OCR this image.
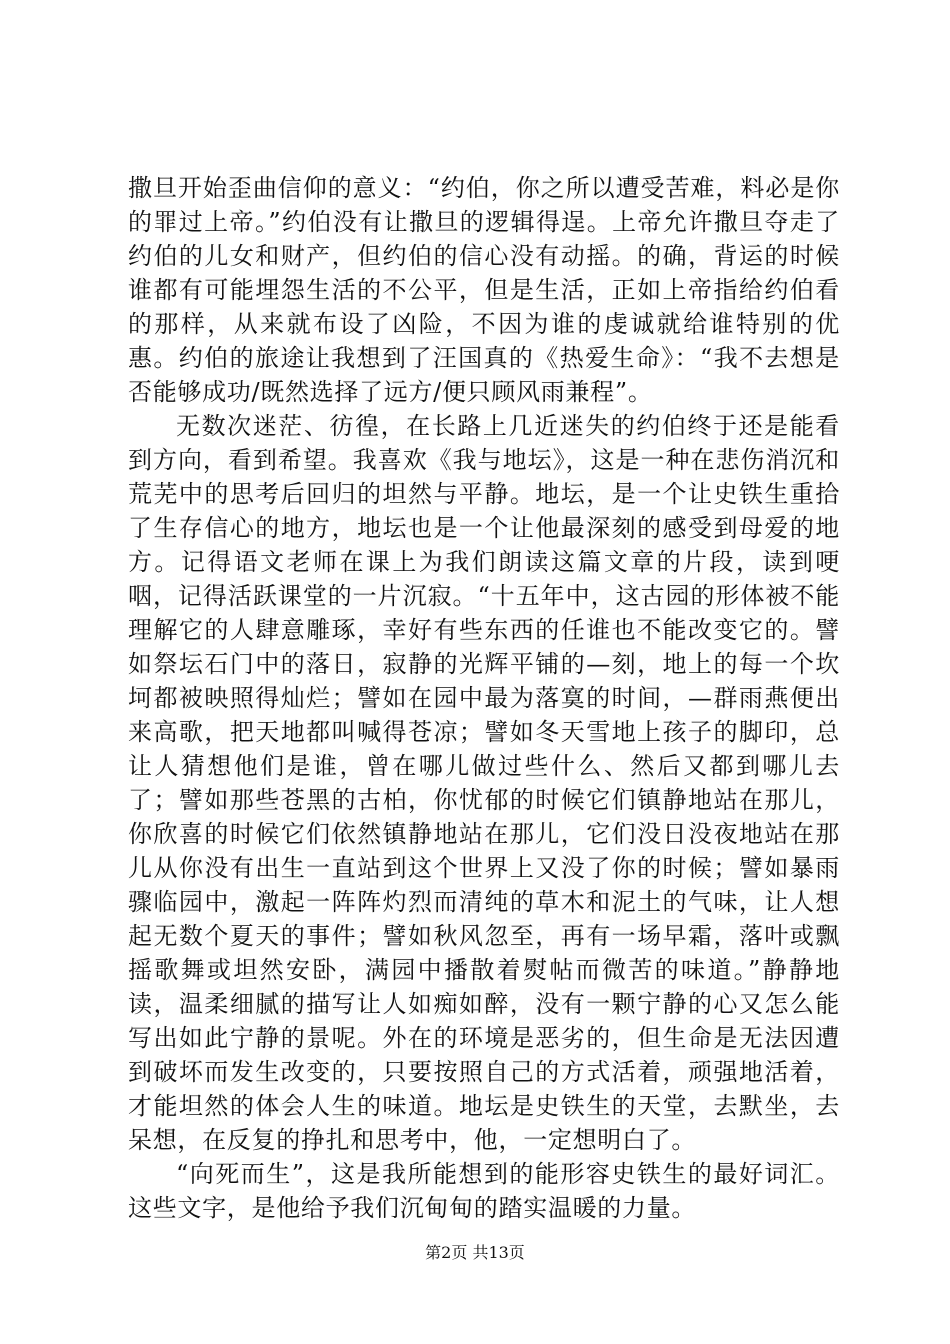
撒旦开始歪曲信仰的意义：“约伯，你之所以遭受苦难，料必是你的罪过上帝。”约伯没有让撒旦的逻辑得逞。上帝允许撒旦夺走了约伯的儿女和财产，但约伯的信心没有动摇。的确，背运的时候谁都有可能埋怨生活的不公平，但是生活，正如上帝指给约伯看的那样，从来就布设了凶险，不因为谁的虔诚就给谁特别的优惠。约伯的旅途让我想到了汪国真的《热爱生命》：“我不去想是否能够成功/既然选择了远方/便只顾风雨兼程”。

无数次迷茫、彷徨，在长路上几近迷失的约伯终于还是能看到方向，看到希望。我喜欢《我与地坛》，这是一种在悲伤消沉和荒芜中的思考后回归的坦然与平静。地坛，是一个让史铁生重拾了生存信心的地方，地坛也是一个让他最深刻的感受到母爱的地方。记得语文老师在课上为我们朗读这篇文章的片段，读到哽咽，记得活跃课堂的一片沉寂。“十五年中，这古园的形体被不能理解它的人肆意雕琢，幸好有些东西的任谁也不能改变它的。譬如祭坛石门中的落日，寂静的光辉平铺的—刻，地上的每一个坎坷都被映照得灿烂；譬如在园中最为落寞的时间，—群雨燕便出来高歌，把天地都叫喊得苍凉；譬如冬天雪地上孩子的脚印，总让人猜想他们是谁，曾在哪儿做过些什么、然后又都到哪儿去了；譬如那些苍黑的古柏，你忧郁的时候它们镇静地站在那儿，你欣喜的时候它们依然镇静地站在那儿，它们没日没夜地站在那儿从你没有出生一直站到这个世界上又没了你的时候；譬如暴雨骤临园中，激起一阵阵灼烈而清纯的草木和泥土的气味，让人想起无数个夏天的事件；譬如秋风忽至，再有一场早霜，落叶或飘摇歌舞或坦然安卧，满园中播散着熨帖而微苦的味道。”静静地读，温柔细腻的描写让人如痴如醉，没有一颗宁静的心又怎么能写出如此宁静的景呢。外在的环境是恶劣的，但生命是无法因遭到破坏而发生改变的，只要按照自己的方式活着，顽强地活着，才能坦然的体会人生的味道。地坛是史铁生的天堂，去默坐，去呆想，在反复的挣扎和思考中，他，一定想明白了。

“向死而生”，这是我所能想到的能形容史铁生的最好词汇。这些文字，是他给予我们沉甸甸的踏实温暖的力量。

第2页 共13页
